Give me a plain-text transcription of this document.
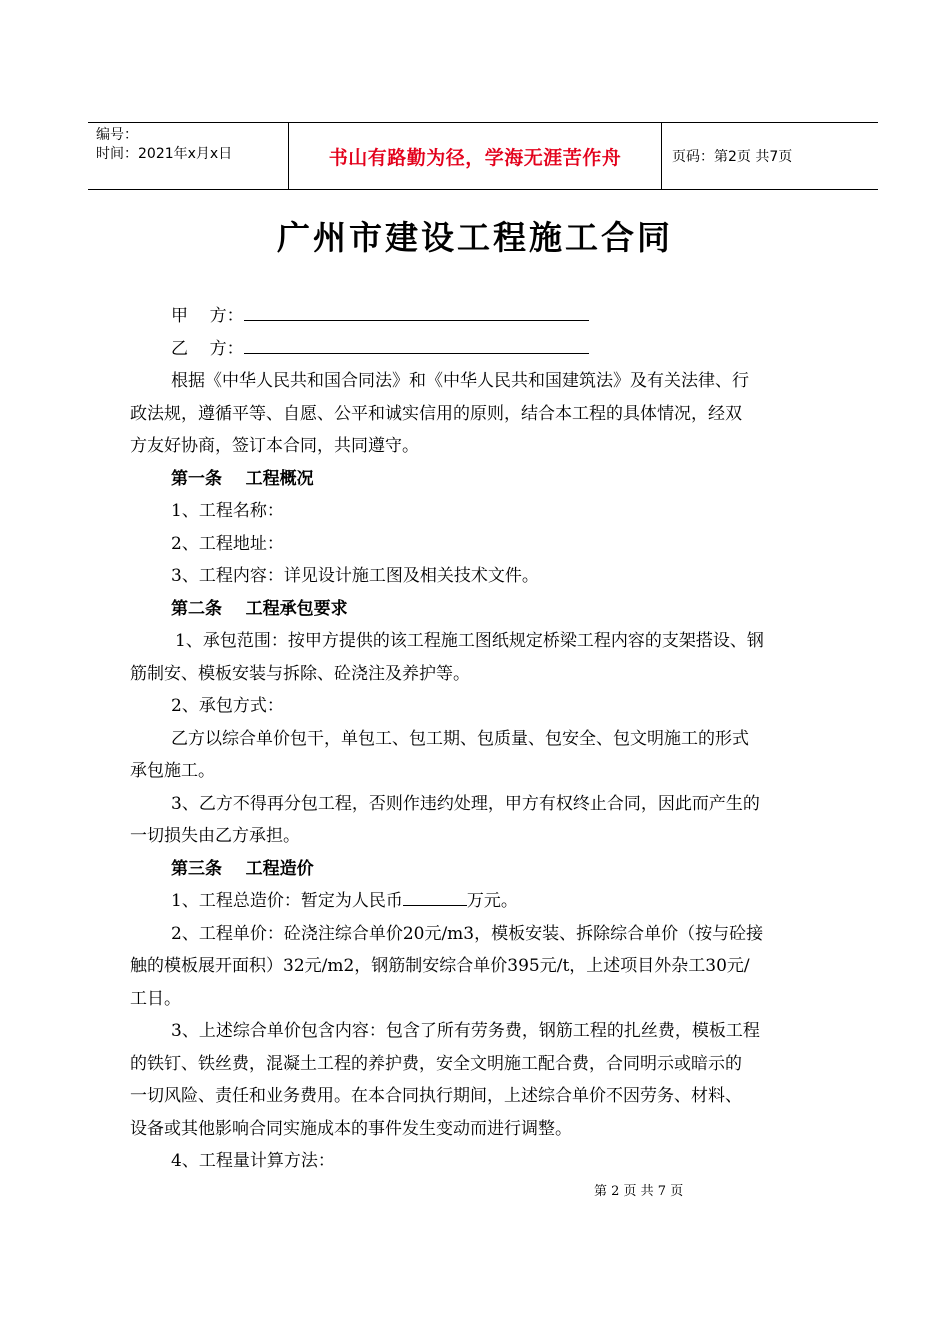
编号：
时间：2021年x月x日	书山有路勤为径，学海无涯苦作舟	页码：第2页 共7页
广州市建设工程施工合同
甲    方：
乙    方：
根据《中华人民共和国合同法》和《中华人民共和国建筑法》及有关法律、行
政法规，遵循平等、自愿、公平和诚实信用的原则，结合本工程的具体情况，经双
方友好协商，签订本合同，共同遵守。
第一条    工程概况
1、工程名称：
2、工程地址：
3、工程内容：详见设计施工图及相关技术文件。
第二条    工程承包要求
1、承包范围：按甲方提供的该工程施工图纸规定桥梁工程内容的支架搭设、钢
筋制安、模板安装与拆除、砼浇注及养护等。
2、承包方式：
乙方以综合单价包干，单包工、包工期、包质量、包安全、包文明施工的形式
承包施工。
3、乙方不得再分包工程，否则作违约处理，甲方有权终止合同，因此而产生的
一切损失由乙方承担。
第三条    工程造价
1、工程总造价：暂定为人民币	万元。
2、工程单价：砼浇注综合单价20元/m3，模板安装、拆除综合单价（按与砼接
触的模板展开面积）32元/m2，钢筋制安综合单价395元/t，上述项目外杂工30元/
工日。
3、上述综合单价包含内容：包含了所有劳务费，钢筋工程的扎丝费，模板工程
的铁钉、铁丝费，混凝土工程的养护费，安全文明施工配合费，合同明示或暗示的
一切风险、责任和业务费用。在本合同执行期间，上述综合单价不因劳务、材料、
设备或其他影响合同实施成本的事件发生变动而进行调整。
4、工程量计算方法：
第 2 页 共 7 页
